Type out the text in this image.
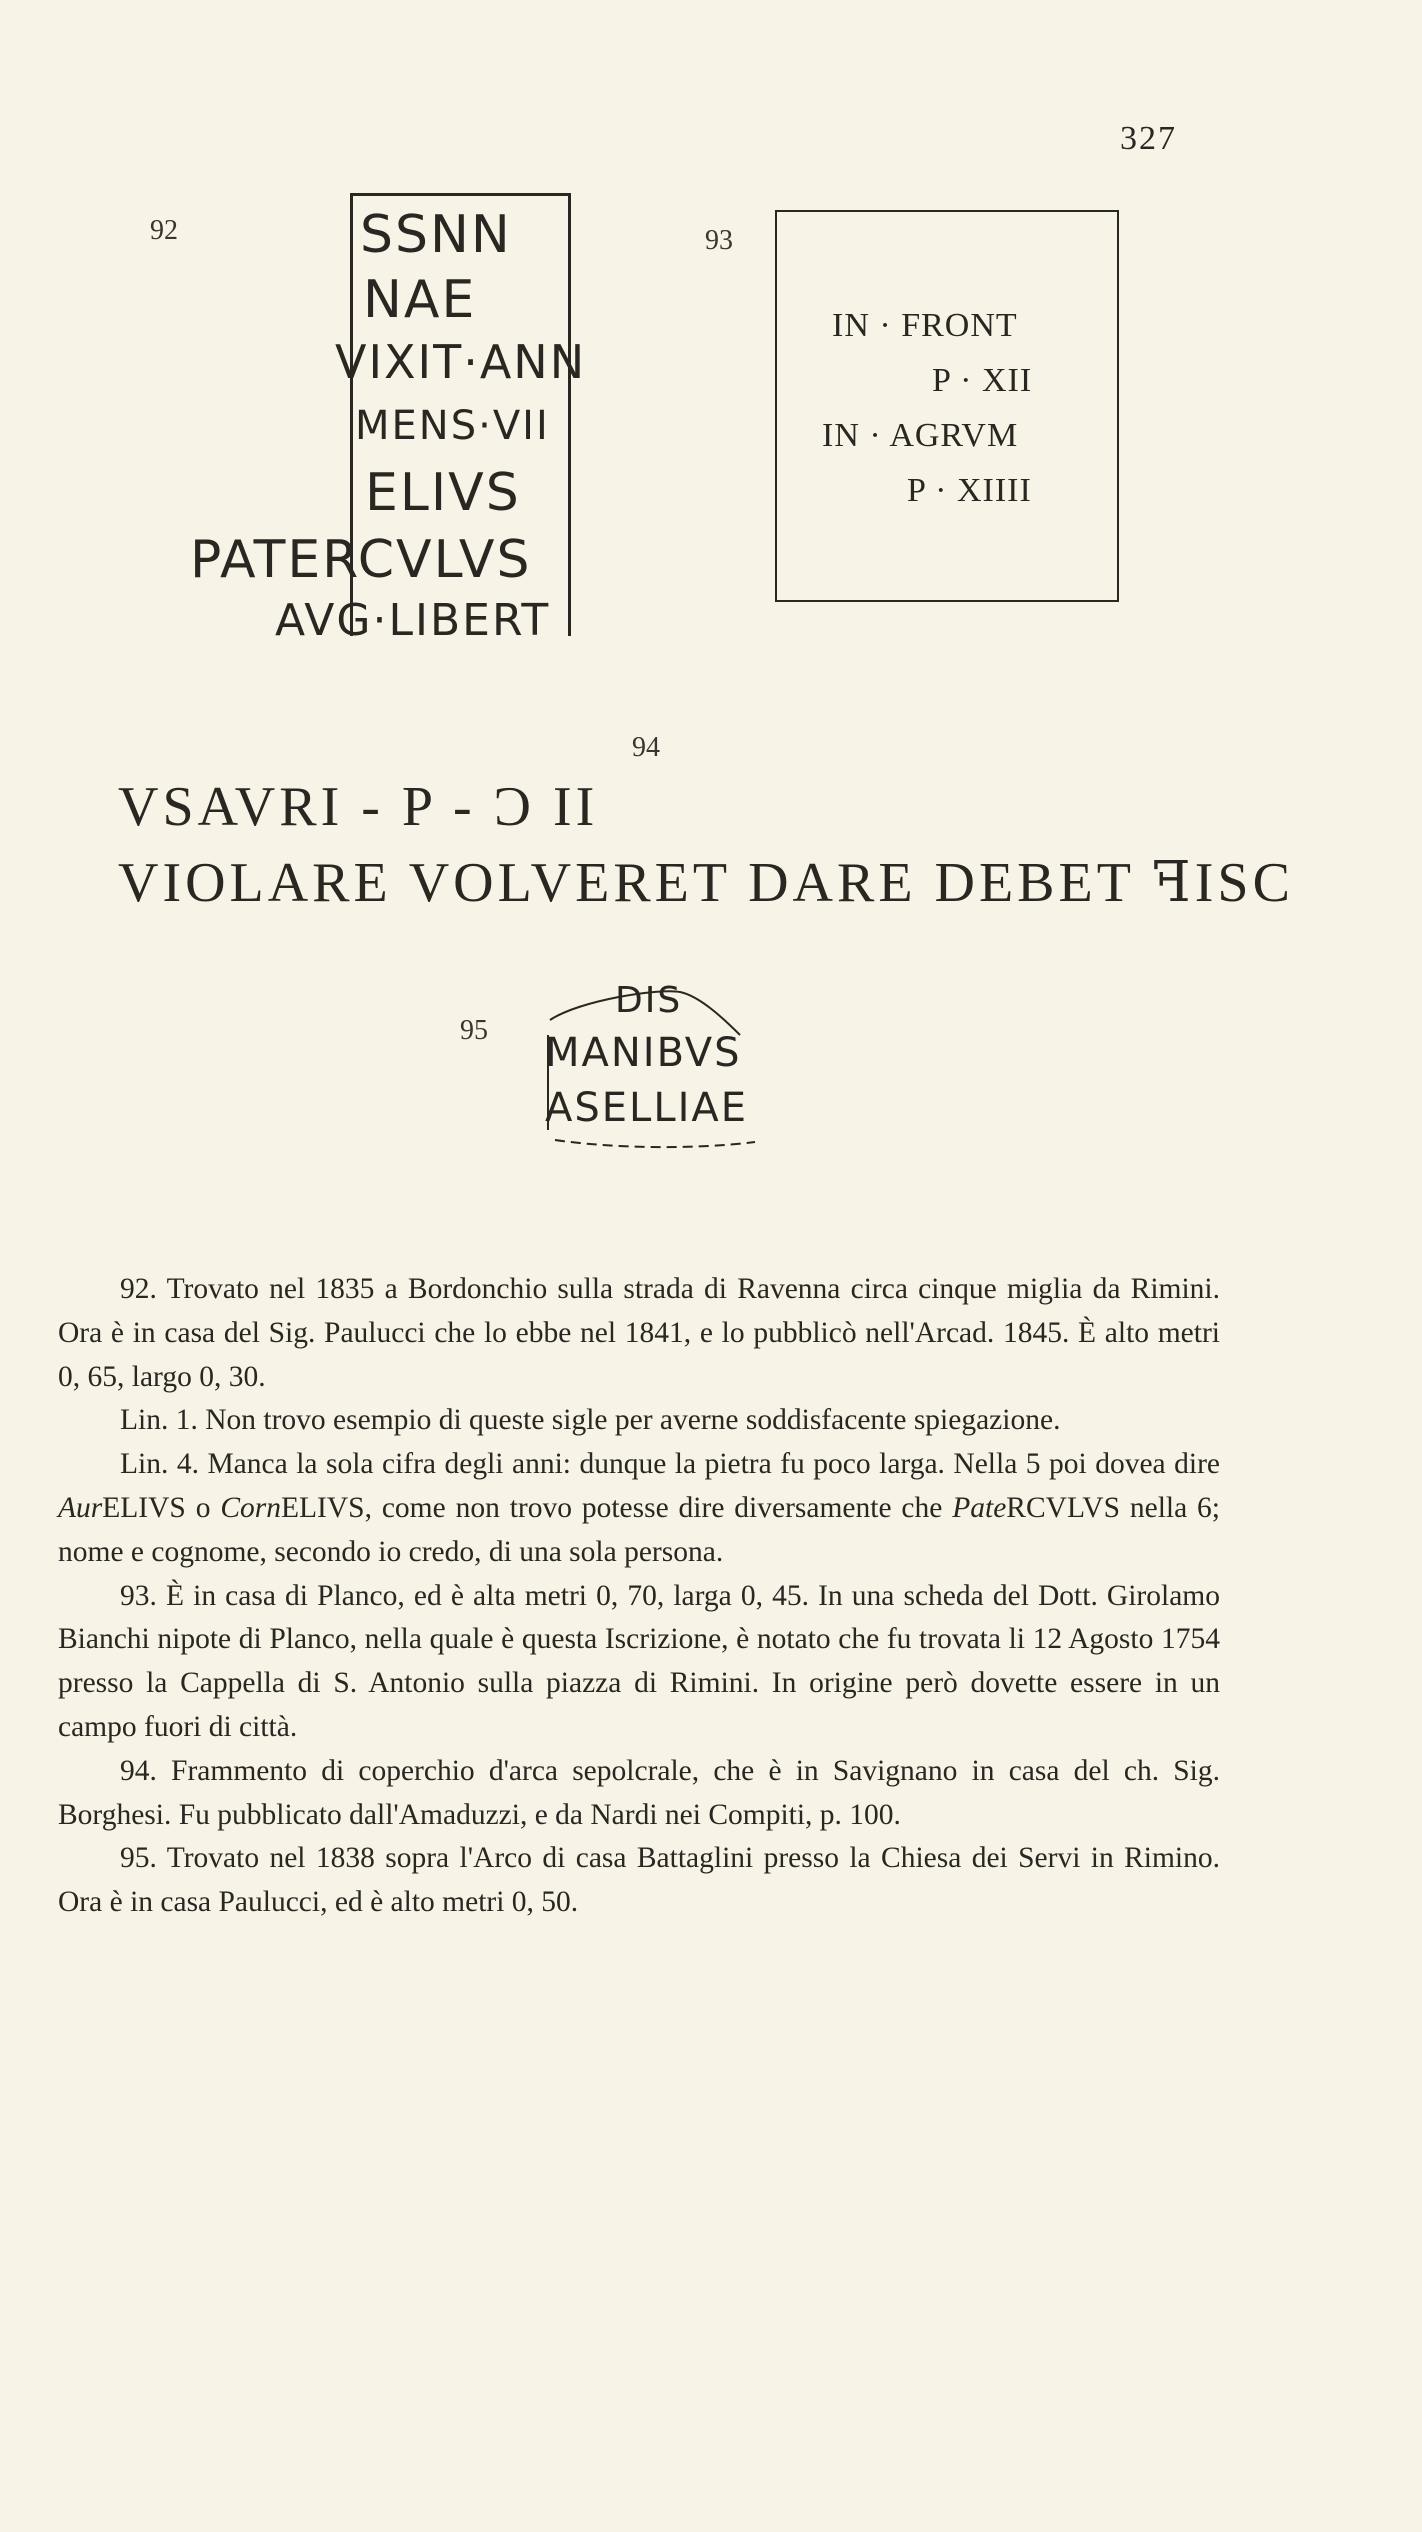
327
92	SSNN
NAE
VIXIT·ANN
MENS·VII
ELIVS
PATERCVLVS
AVG·LIBERT
93
IN · FRONT
P · XII
IN · AGRVM
P · XIIII
94
VSAVRI - P - Ɔ II
VIOLARE VOLVERET DARE DEBET ꟻISC
95
DIS
MANIBVS
ASELLIAE

92. Trovato nel 1835 a Bordonchio sulla strada di Ravenna circa cinque miglia da Rimini. Ora è in casa del Sig. Paulucci che lo ebbe nel 1841, e lo pubblicò nell'Arcad. 1845. È alto metri 0, 65, largo 0, 30.

Lin. 1. Non trovo esempio di queste sigle per averne soddisfacente spiegazione.

Lin. 4. Manca la sola cifra degli anni: dunque la pietra fu poco larga. Nella 5 poi dovea dire AurELIVS o CornELIVS, come non trovo potesse dire diversamente che PateRCVLVS nella 6; nome e cognome, secondo io credo, di una sola persona.

93. È in casa di Planco, ed è alta metri 0, 70, larga 0, 45. In una scheda del Dott. Girolamo Bianchi nipote di Planco, nella quale è questa Iscrizione, è notato che fu trovata li 12 Agosto 1754 presso la Cappella di S. Antonio sulla piazza di Rimini. In origine però dovette essere in un campo fuori di città.

94. Frammento di coperchio d'arca sepolcrale, che è in Savignano in casa del ch. Sig. Borghesi. Fu pubblicato dall'Amaduzzi, e da Nardi nei Compiti, p. 100.

95. Trovato nel 1838 sopra l'Arco di casa Battaglini presso la Chiesa dei Servi in Rimino. Ora è in casa Paulucci, ed è alto metri 0, 50.
